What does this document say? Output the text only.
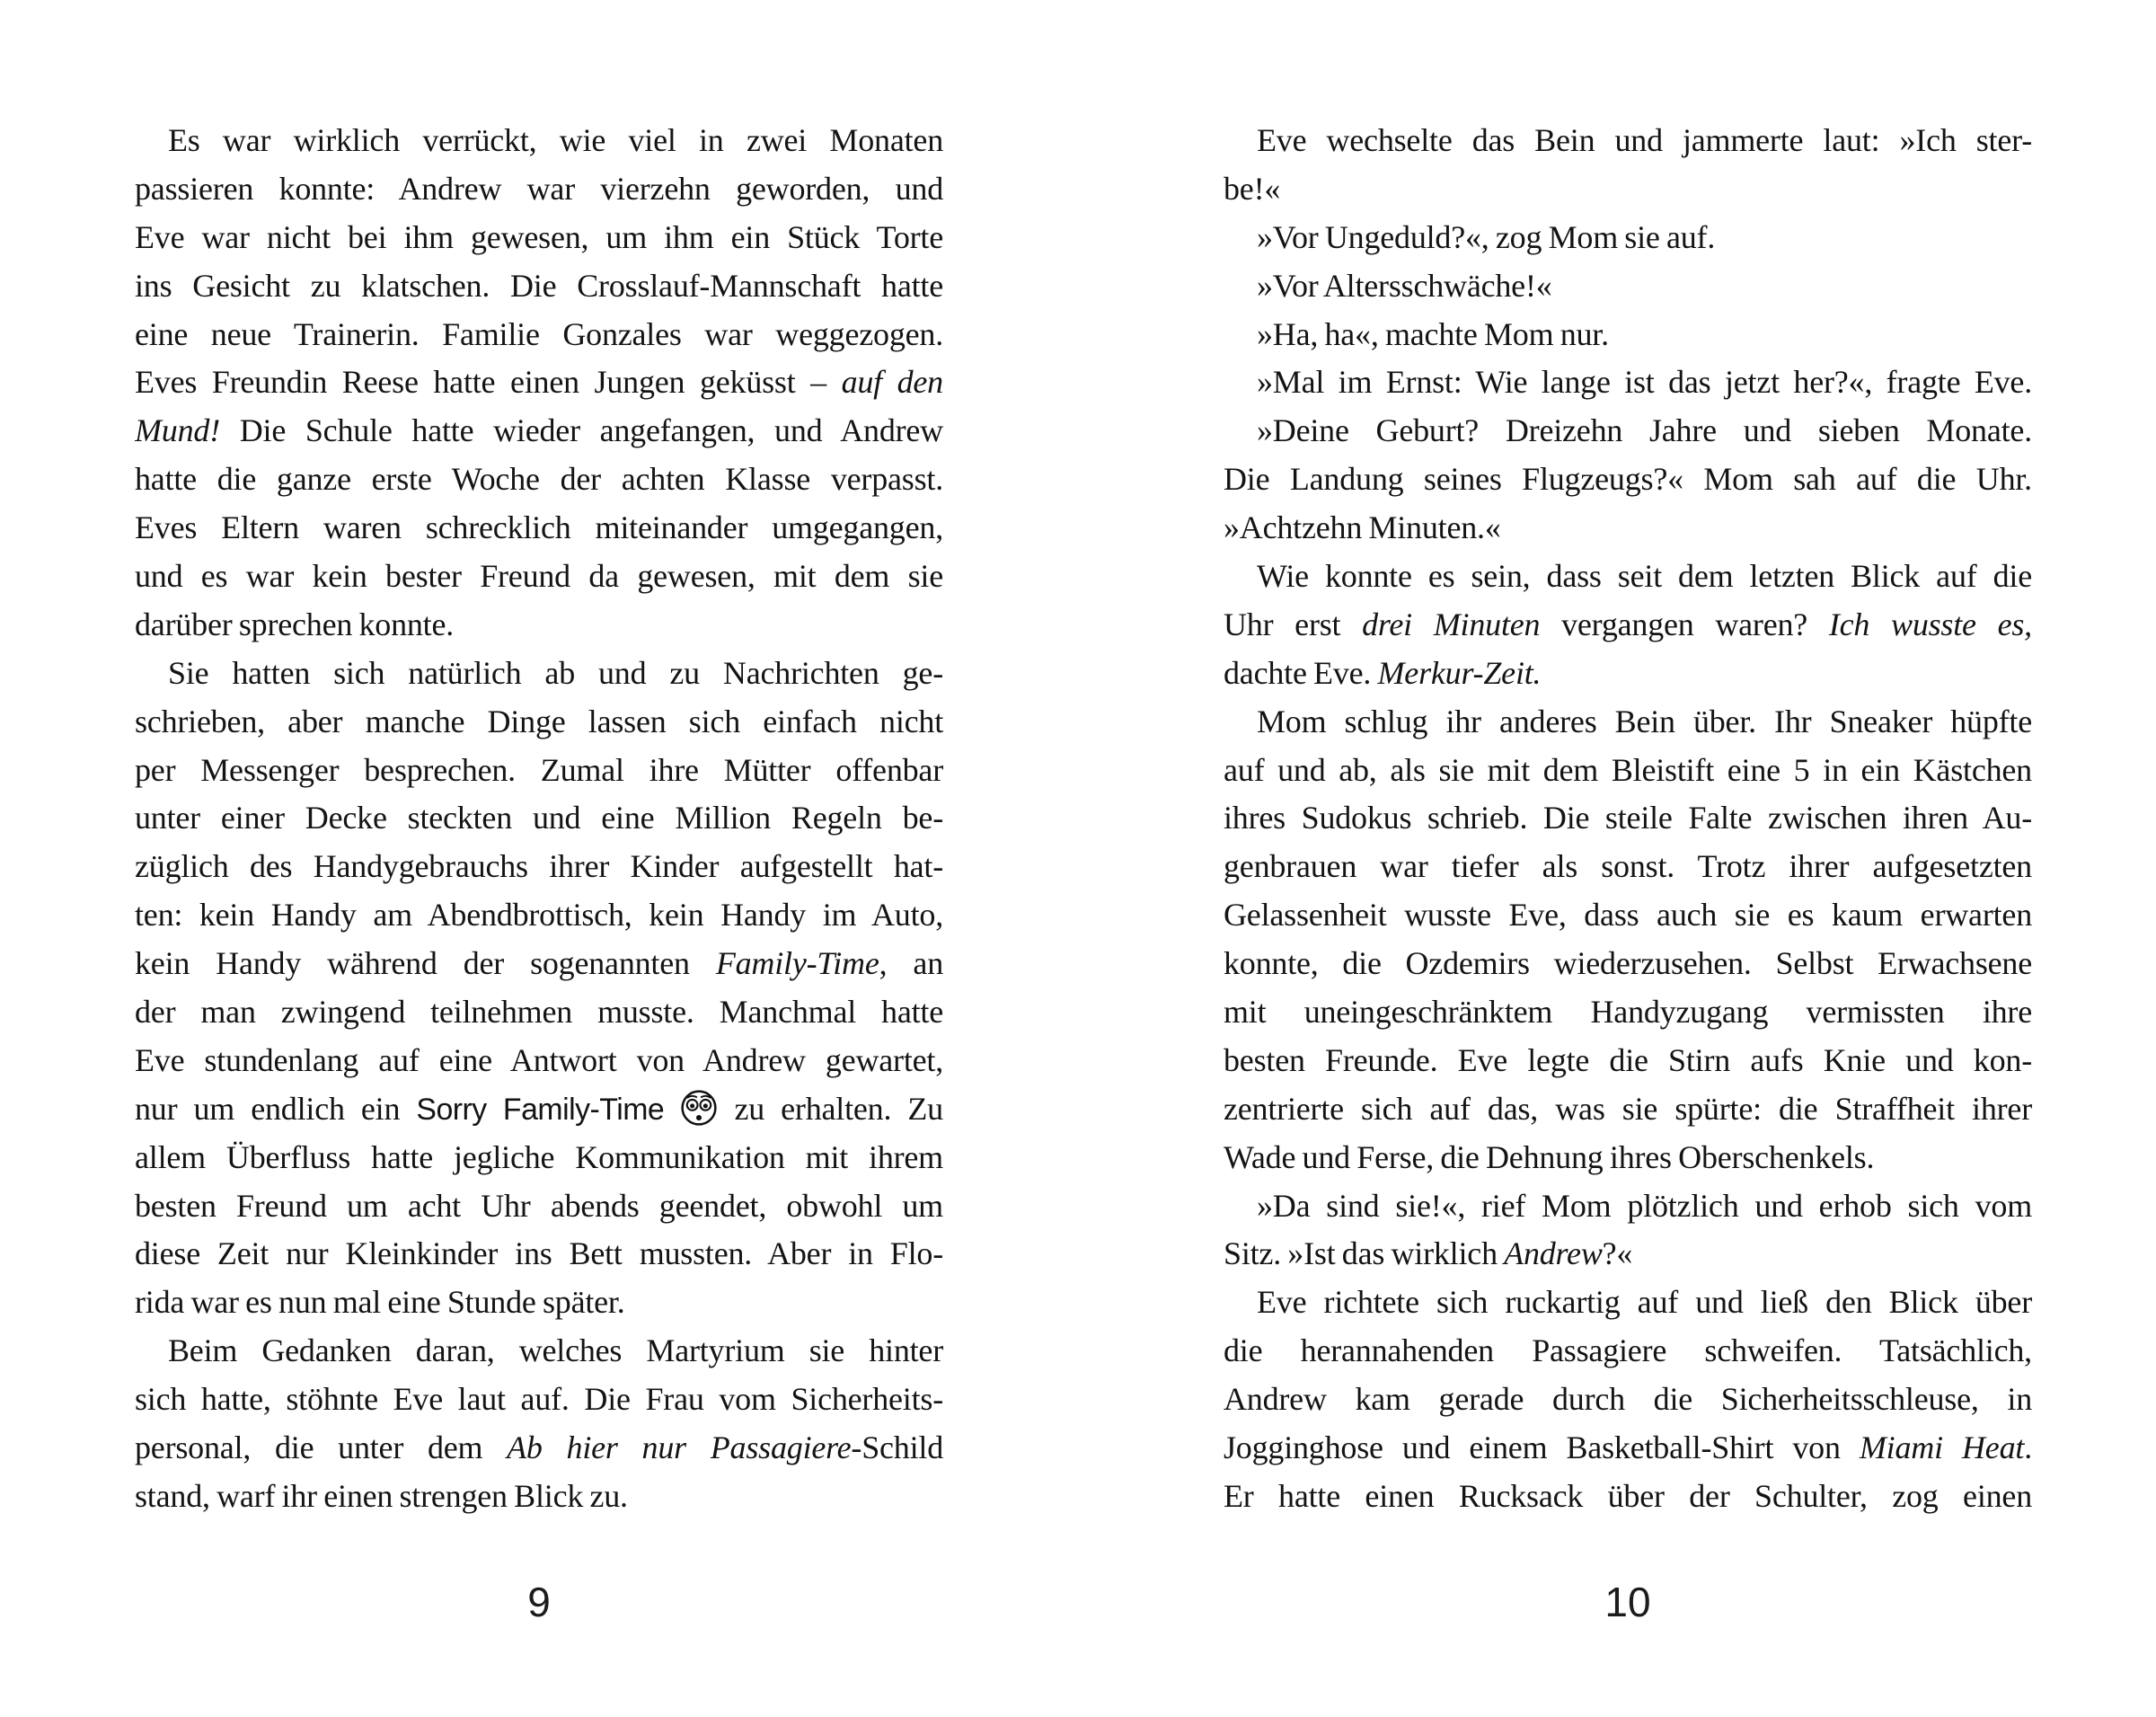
Es war wirklich verrückt, wie viel in zwei Monaten
passieren konnte: Andrew war vierzehn geworden, und
Eve war nicht bei ihm gewesen, um ihm ein Stück Torte
ins Gesicht zu klatschen. Die Crosslauf-Mannschaft hatte
eine neue Trainerin. Familie Gonzales war weggezogen.
Eves Freundin Reese hatte einen Jungen geküsst – auf den
Mund! Die Schule hatte wieder angefangen, und Andrew
hatte die ganze erste Woche der achten Klasse verpasst.
Eves Eltern waren schrecklich miteinander umgegangen,
und es war kein bester Freund da gewesen, mit dem sie
darüber sprechen konnte.
Sie hatten sich natürlich ab und zu Nachrichten ge-
schrieben, aber manche Dinge lassen sich einfach nicht
per Messenger besprechen. Zumal ihre Mütter offenbar
unter einer Decke steckten und eine Million Regeln be-
züglich des Handygebrauchs ihrer Kinder aufgestellt hat-
ten: kein Handy am Abendbrottisch, kein Handy im Auto,
kein Handy während der sogenannten Family-Time, an
der man zwingend teilnehmen musste. Manchmal hatte
Eve stundenlang auf eine Antwort von Andrew gewartet,
nur um endlich ein Sorry Family-Time
zu erhalten. Zu
allem Überfluss hatte jegliche Kommunikation mit ihrem
besten Freund um acht Uhr abends geendet, obwohl um
diese Zeit nur Kleinkinder ins Bett mussten. Aber in Flo-
rida war es nun mal eine Stunde später.
Beim Gedanken daran, welches Martyrium sie hinter
sich hatte, stöhnte Eve laut auf. Die Frau vom Sicherheits-
personal, die unter dem Ab hier nur Passagiere-Schild
stand, warf ihr einen strengen Blick zu.
9
Eve wechselte das Bein und jammerte laut: »Ich ster-
be!«
»Vor Ungeduld?«, zog Mom sie auf.
»Vor Altersschwäche!«
»Ha, ha«, machte Mom nur.
»Mal im Ernst: Wie lange ist das jetzt her?«, fragte Eve.
»Deine Geburt? Dreizehn Jahre und sieben Monate.
Die Landung seines Flugzeugs?« Mom sah auf die Uhr.
»Achtzehn Minuten.«
Wie konnte es sein, dass seit dem letzten Blick auf die
Uhr erst drei Minuten vergangen waren? Ich wusste es,
dachte Eve. Merkur-Zeit.
Mom schlug ihr anderes Bein über. Ihr Sneaker hüpfte
auf und ab, als sie mit dem Bleistift eine 5 in ein Kästchen
ihres Sudokus schrieb. Die steile Falte zwischen ihren Au-
genbrauen war tiefer als sonst. Trotz ihrer aufgesetzten
Gelassenheit wusste Eve, dass auch sie es kaum erwarten
konnte, die Ozdemirs wiederzusehen. Selbst Erwachsene
mit uneingeschränktem Handyzugang vermissten ihre
besten Freunde. Eve legte die Stirn aufs Knie und kon-
zentrierte sich auf das, was sie spürte: die Straffheit ihrer
Wade und Ferse, die Dehnung ihres Oberschenkels.
»Da sind sie!«, rief Mom plötzlich und erhob sich vom
Sitz. »Ist das wirklich Andrew?«
Eve richtete sich ruckartig auf und ließ den Blick über
die herannahenden Passagiere schweifen. Tatsächlich,
Andrew kam gerade durch die Sicherheitsschleuse, in
Jogginghose und einem Basketball-Shirt von Miami Heat.
Er hatte einen Rucksack über der Schulter, zog einen
10
